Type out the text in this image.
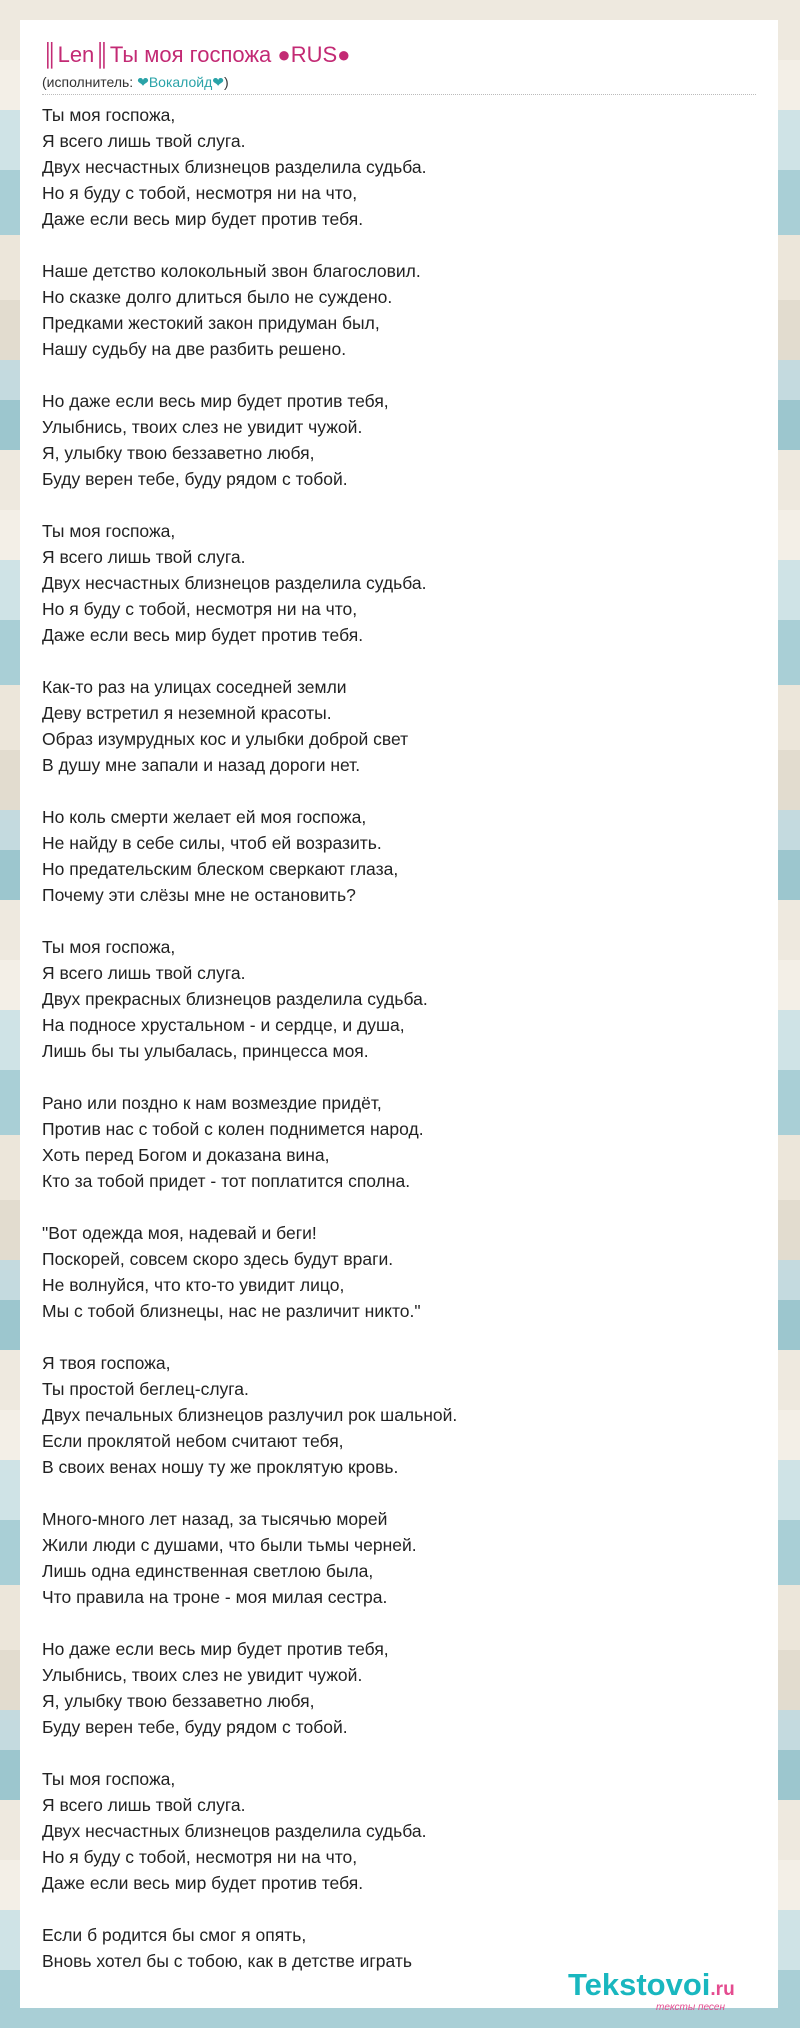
║Len║Ты моя госпожа ●RUS●
(исполнитель: ❤Вокалойд❤)
Ты моя госпожа,
Я всего лишь твой слуга.
Двух несчастных близнецов разделила судьба.
Но я буду с тобой, несмотря ни на что,
Даже если весь мир будет против тебя.
Наше детство колокольный звон благословил.
Но сказке долго длиться было не суждено.
Предками жестокий закон придуман был,
Нашу судьбу на две разбить решено.
Но даже если весь мир будет против тебя,
Улыбнись, твоих слез не увидит чужой.
Я, улыбку твою беззаветно любя,
Буду верен тебе, буду рядом с тобой.
Ты моя госпожа,
Я всего лишь твой слуга.
Двух несчастных близнецов разделила судьба.
Но я буду с тобой, несмотря ни на что,
Даже если весь мир будет против тебя.
Как-то раз на улицах соседней земли
Деву встретил я неземной красоты.
Образ изумрудных кос и улыбки доброй свет
В душу мне запали и назад дороги нет.
Но коль смерти желает ей моя госпожа,
Не найду в себе силы, чтоб ей возразить.
Но предательским блеском сверкают глаза,
Почему эти слёзы мне не остановить?
Ты моя госпожа,
Я всего лишь твой слуга.
Двух прекрасных близнецов разделила судьба.
На подносе хрустальном - и сердце, и душа,
Лишь бы ты улыбалась, принцесса моя.
Рано или поздно к нам возмездие придёт,
Против нас с тобой с колен поднимется народ.
Хоть перед Богом и доказана вина,
Кто за тобой придет - тот поплатится сполна.
"Вот одежда моя, надевай и беги!
Поскорей, совсем скоро здесь будут враги.
Не волнуйся, что кто-то увидит лицо,
Мы с тобой близнецы, нас не различит никто."
Я твоя госпожа,
Ты простой беглец-слуга.
Двух печальных близнецов разлучил рок шальной.
Если проклятой небом считают тебя,
В своих венах ношу ту же проклятую кровь.
Много-много лет назад, за тысячью морей
Жили люди с душами, что были тьмы черней.
Лишь одна единственная светлою была,
Что правила на троне - моя милая сестра.
Но даже если весь мир будет против тебя,
Улыбнись, твоих слез не увидит чужой.
Я, улыбку твою беззаветно любя,
Буду верен тебе, буду рядом с тобой.
Ты моя госпожа,
Я всего лишь твой слуга.
Двух несчастных близнецов разделила судьба.
Но я буду с тобой, несмотря ни на что,
Даже если весь мир будет против тебя.
Если б родится бы смог я опять,
Вновь хотел бы с тобою, как в детстве играть
Tekstovoi.ru
тексты песен
